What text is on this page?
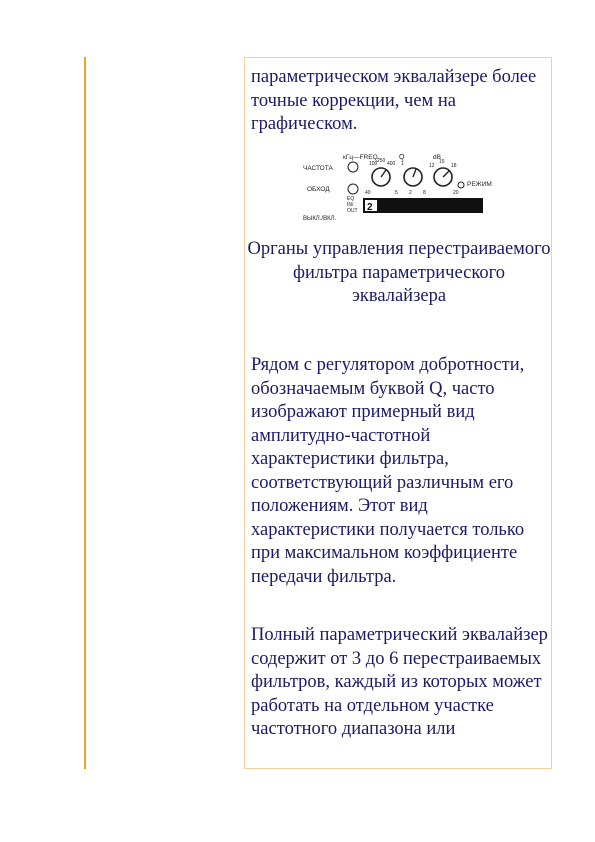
параметрическом эквалайзере более точные коррекции, чем на графическом.

ЧАСТОТА
ОБХОД
ВЫКЛ./ВКЛ.
кГц—FREQ.	Q	dB
РЕЖИМ
40
100 250 400
2 8
12
15
18
5
1
20
EQ
IN/
OUT 2

Органы управления перестраиваемого фильтра параметрического эквалайзера

Рядом с регулятором добротности, обозначаемым буквой Q, часто изображают примерный вид амплитудно-частотной характеристики фильтра, соответствующий различным его положениям. Этот вид характеристики получается только при максимальном коэффициенте передачи фильтра.

Полный параметрический эквалайзер содержит от 3 до 6 перестраиваемых фильтров, каждый из которых может работать на отдельном участке частотного диапазона или
